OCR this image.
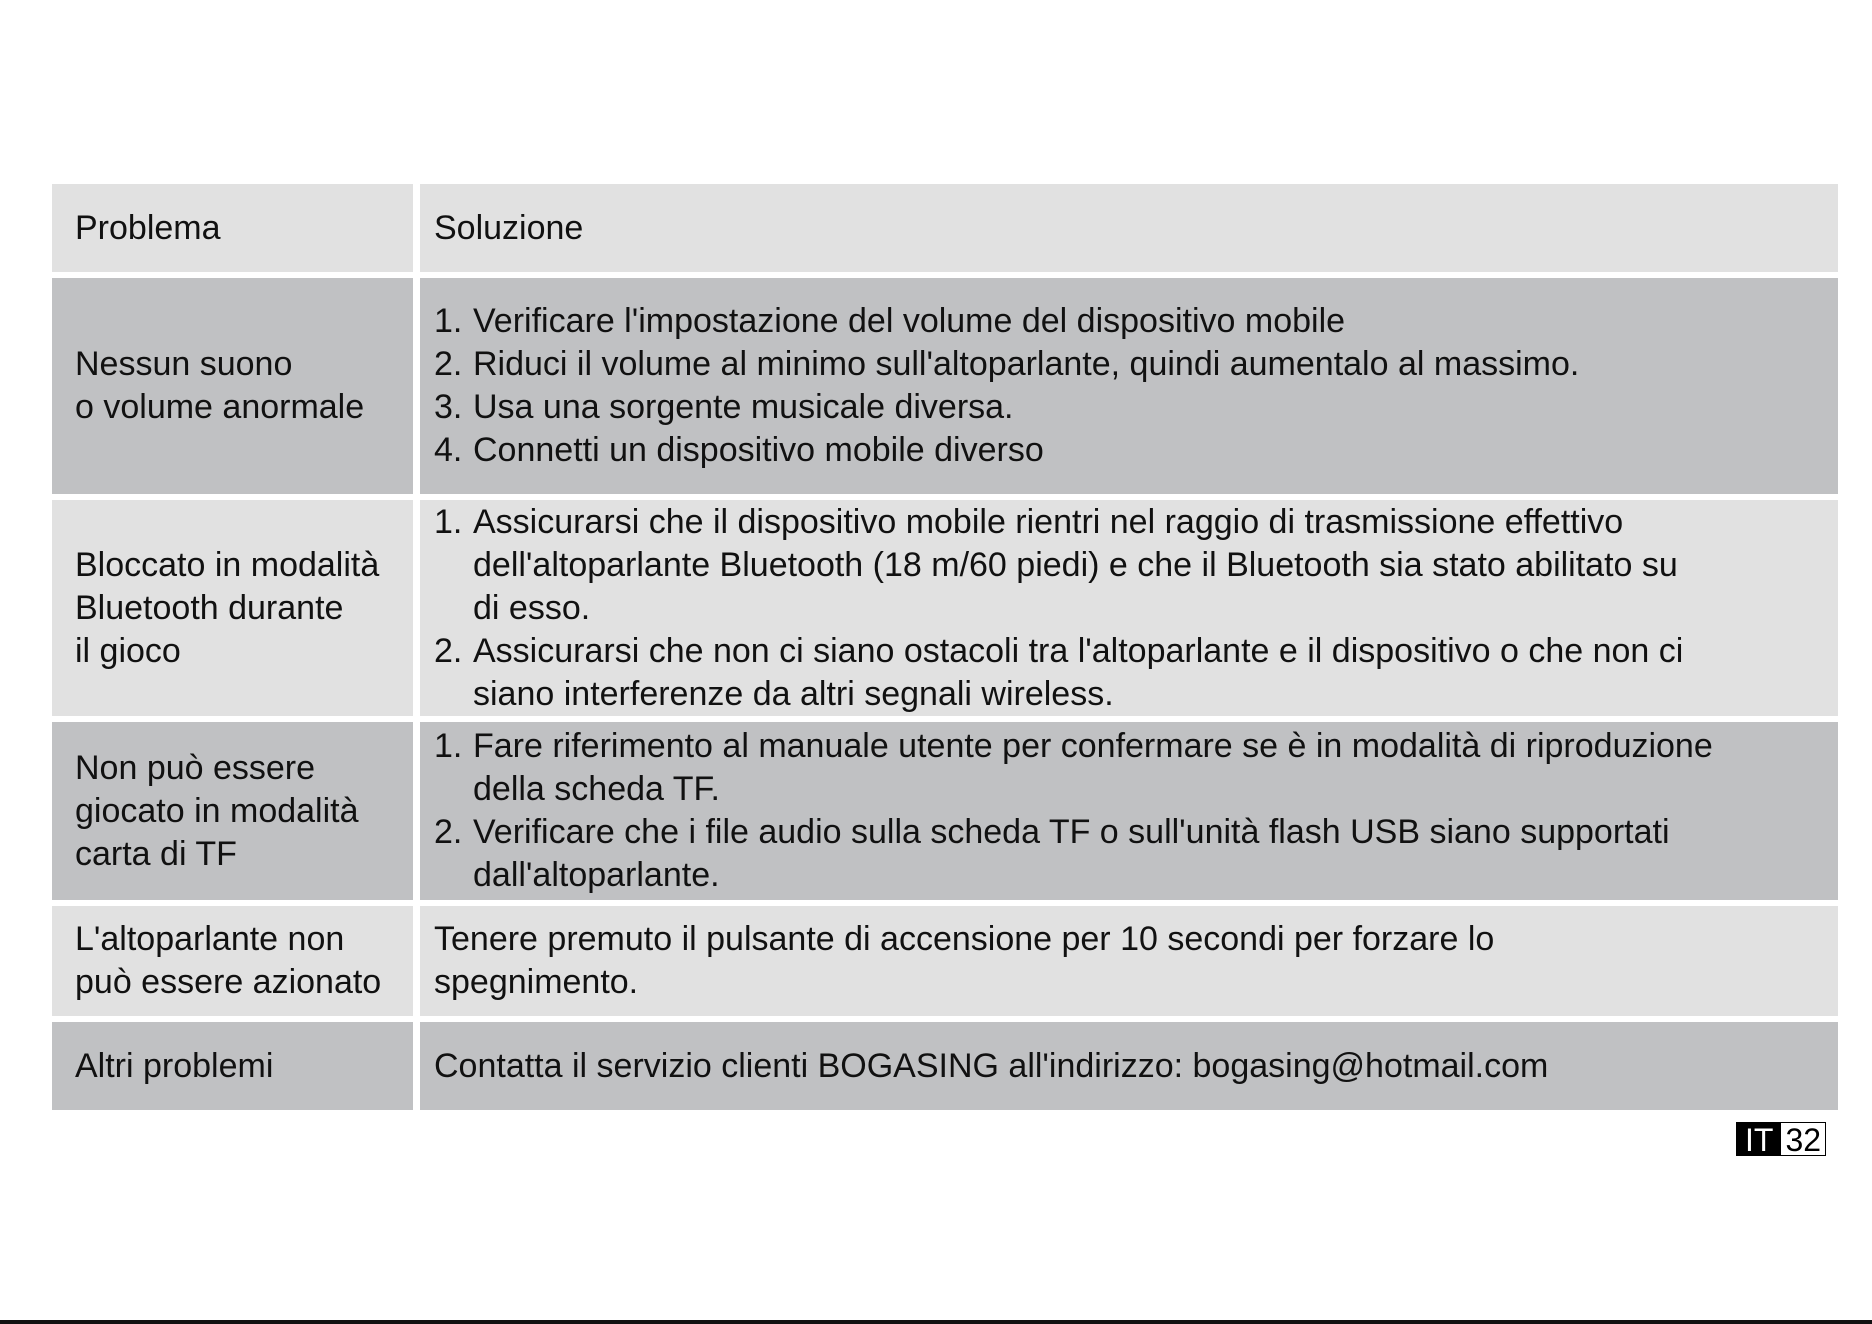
Problema	Soluzione
Nessun suono
o volume anormale
1. Verificare l'impostazione del volume del dispositivo mobile
2. Riduci il volume al minimo sull'altoparlante, quindi aumentalo al massimo.
3. Usa una sorgente musicale diversa.
4. Connetti un dispositivo mobile diverso
Bloccato in modalità
Bluetooth durante
il gioco
1. Assicurarsi che il dispositivo mobile rientri nel raggio di trasmissione effettivo
dell'altoparlante Bluetooth (18 m/60 piedi) e che il Bluetooth sia stato abilitato su
di esso.
2. Assicurarsi che non ci siano ostacoli tra l'altoparlante e il dispositivo o che non ci
siano interferenze da altri segnali wireless.
Non può essere
giocato in modalità
carta di TF
1. Fare riferimento al manuale utente per confermare se è in modalità di riproduzione
della scheda TF.
2. Verificare che i file audio sulla scheda TF o sull'unità flash USB siano supportati
dall'altoparlante.
L'altoparlante non
può essere azionato
Tenere premuto il pulsante di accensione per 10 secondi per forzare lo
spegnimento.
Altri problemi	Contatta il servizio clienti BOGASING all'indirizzo: bogasing@hotmail.com
IT 32
